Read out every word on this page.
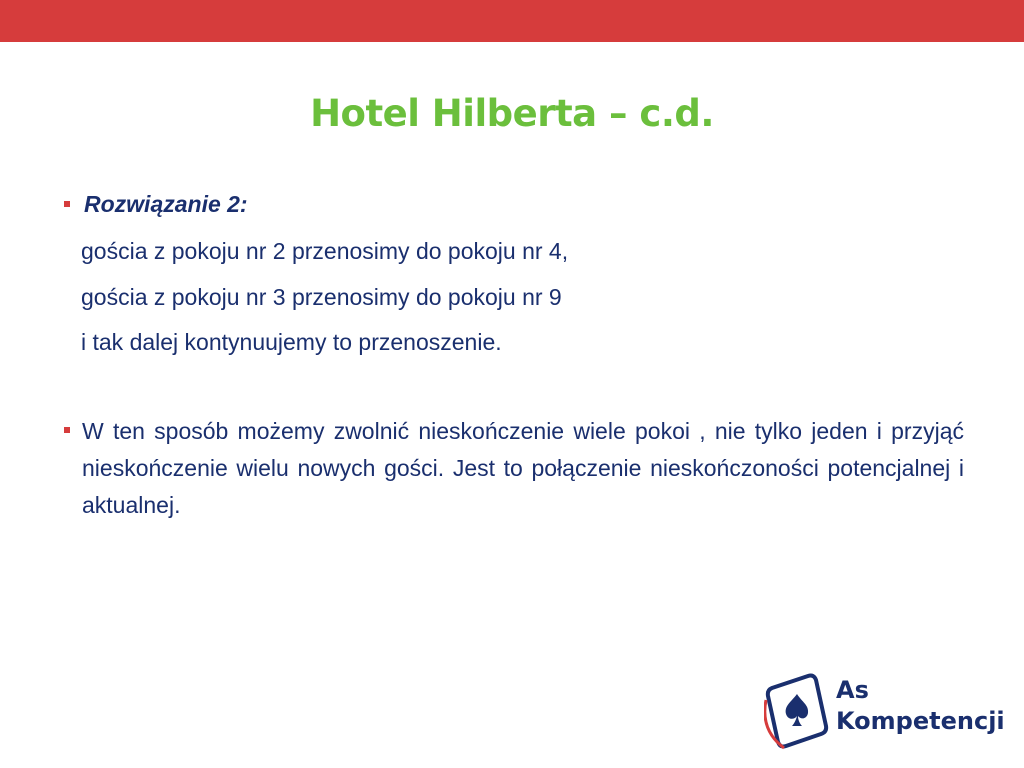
Hotel Hilberta – c.d.
Rozwiązanie 2:
gościa z pokoju nr 2 przenosimy do pokoju nr 4,
gościa z pokoju nr 3 przenosimy do pokoju nr 9
i tak dalej kontynuujemy to przenoszenie.
W ten sposób możemy zwolnić nieskończenie wiele pokoi , nie tylko jeden i przyjąć nieskończenie wielu nowych gości. Jest to połączenie nieskończoności potencjalnej i aktualnej.
As
Kompetencji
